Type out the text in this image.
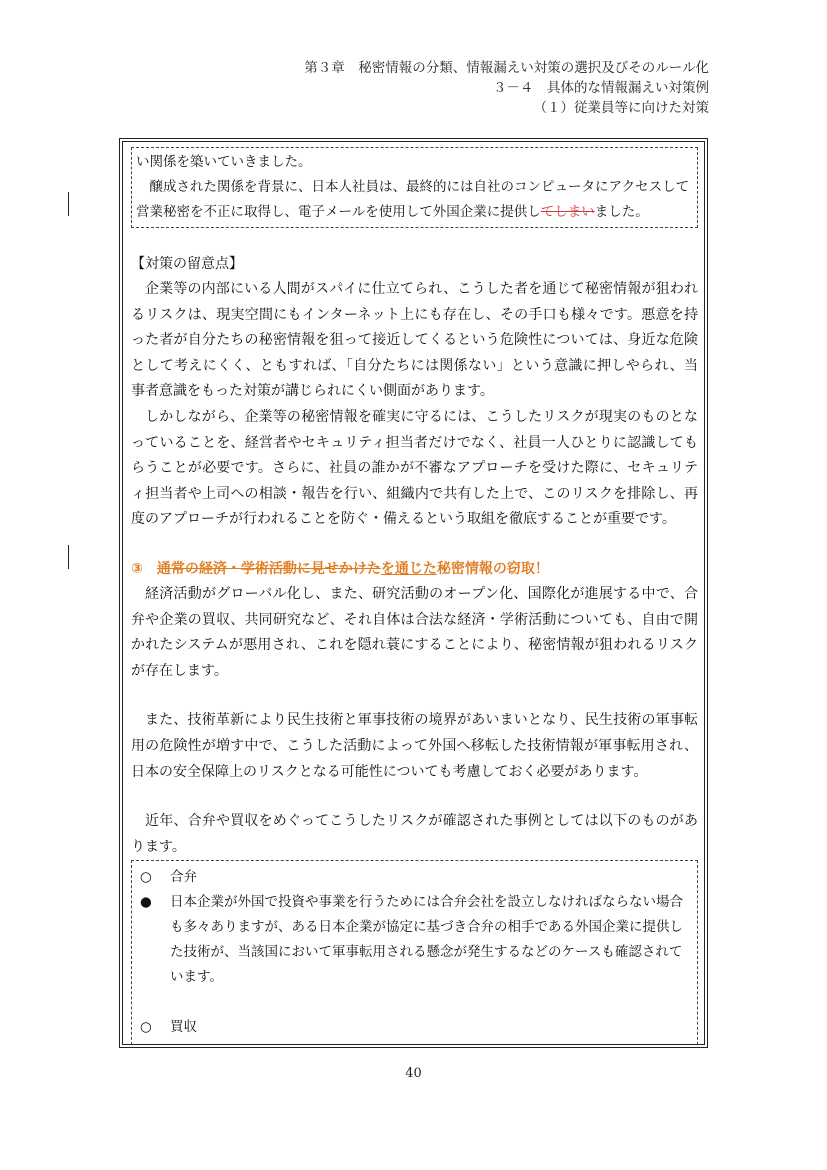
第３章　秘密情報の分類、情報漏えい対策の選択及びそのルール化
３－４　具体的な情報漏えい対策例
（１）従業員等に向けた対策

い関係を築いていきました。

醸成された関係を背景に、日本人社員は、最終的には自社のコンピュータにアクセスして

営業秘密を不正に取得し、電子メールを使用して外国企業に提供してしまいました。

【対策の留意点】

企業等の内部にいる人間がスパイに仕立てられ、こうした者を通じて秘密情報が狙われるリスクは、現実空間にもインターネット上にも存在し、その手口も様々です。悪意を持った者が自分たちの秘密情報を狙って接近してくるという危険性については、身近な危険として考えにくく、ともすれば、「自分たちには関係ない」という意識に押しやられ、当事者意識をもった対策が講じられにくい側面があります。

しかしながら、企業等の秘密情報を確実に守るには、こうしたリスクが現実のものとなっていることを、経営者やセキュリティ担当者だけでなく、社員一人ひとりに認識してもらうことが必要です。さらに、社員の誰かが不審なアプローチを受けた際に、セキュリティ担当者や上司への相談・報告を行い、組織内で共有した上で、このリスクを排除し、再度のアプローチが行われることを防ぐ・備えるという取組を徹底することが重要です。

③　 通常の経済・学術活動に見せかけたを通じた秘密情報の窃取！

経済活動がグローバル化し、また、研究活動のオープン化、国際化が進展する中で、合弁や企業の買収、共同研究など、それ自体は合法な経済・学術活動についても、自由で開かれたシステムが悪用され、これを隠れ蓑にすることにより、秘密情報が狙われるリスクが存在します。

また、技術革新により民生技術と軍事技術の境界があいまいとなり、民生技術の軍事転用の危険性が増す中で、こうした活動によって外国へ移転した技術情報が軍事転用され、日本の安全保障上のリスクとなる可能性についても考慮しておく必要があります。

近年、合弁や買収をめぐってこうしたリスクが確認された事例としては以下のものがあります。

○	合弁
●	日本企業が外国で投資や事業を行うためには合弁会社を設立しなければならない場合も多々ありますが、ある日本企業が協定に基づき合弁の相手である外国企業に提供した技術が、当該国において軍事転用される懸念が発生するなどのケースも確認されています。
○	買収
40
